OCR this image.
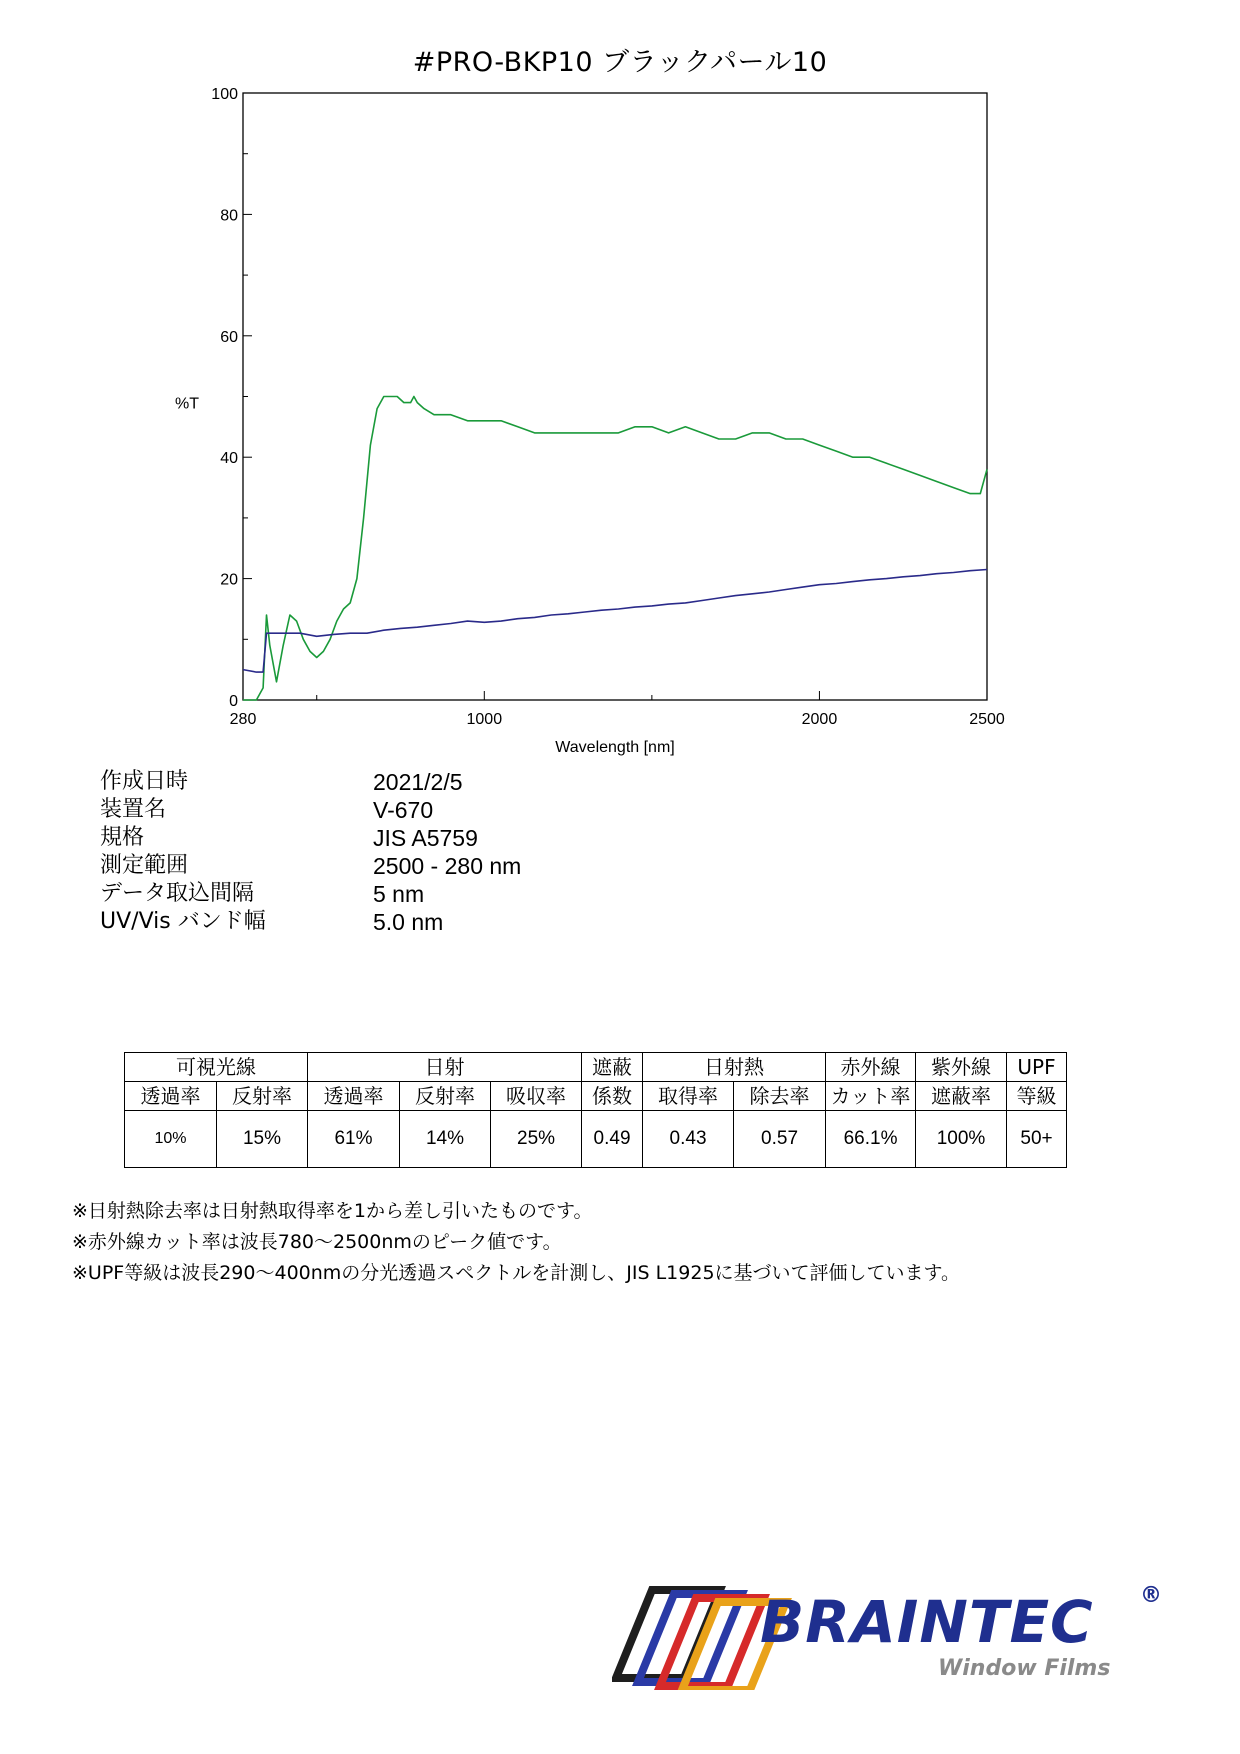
#PRO-BKP10 ブラックパール10
0
20
40
60
80
100
280	1000	2000	2500
Wavelength [nm]
%T
作成日時	2021/2/5
装置名	V-670
規格	JIS A5759
測定範囲	2500 - 280 nm
データ取込間隔	5 nm
UV/Vis バンド幅	5.0 nm
可視光線		日射			遮蔽	日射熱		赤外線	紫外線	UPF
透過率	反射率	透過率	反射率	吸収率	係数	取得率	除去率	カット率	遮蔽率	等級
10%	15%	61%	14%	25%	0.49	0.43	0.57	66.1%	100%	50+
※日射熱除去率は日射熱取得率を1から差し引いたものです。
※赤外線カット率は波長780～2500nmのピーク値です。
※UPF等級は波長290～400nmの分光透過スペクトルを計測し、JIS L1925に基づいて評価しています。
BRAINTEC ®
Window Films
